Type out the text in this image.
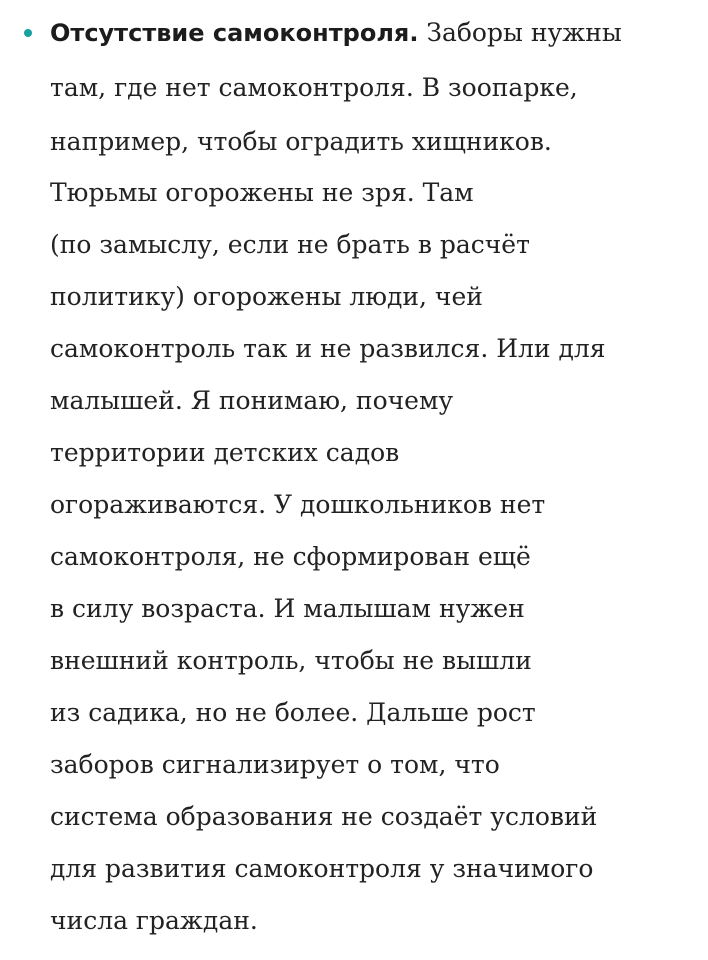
Отсутствие самоконтроля. Заборы нужны
там, где нет самоконтроля. В зоопарке,
например, чтобы оградить хищников.
Тюрьмы огорожены не зря. Там
(по замыслу, если не брать в расчёт
политику) огорожены люди, чей
самоконтроль так и не развился. Или для
малышей. Я понимаю, почему
территории детских садов
огораживаются. У дошкольников нет
самоконтроля, не сформирован ещё
в силу возраста. И малышам нужен
внешний контроль, чтобы не вышли
из садика, но не более. Дальше рост
заборов сигнализирует о том, что
система образования не создаёт условий
для развития самоконтроля у значимого
числа граждан.
